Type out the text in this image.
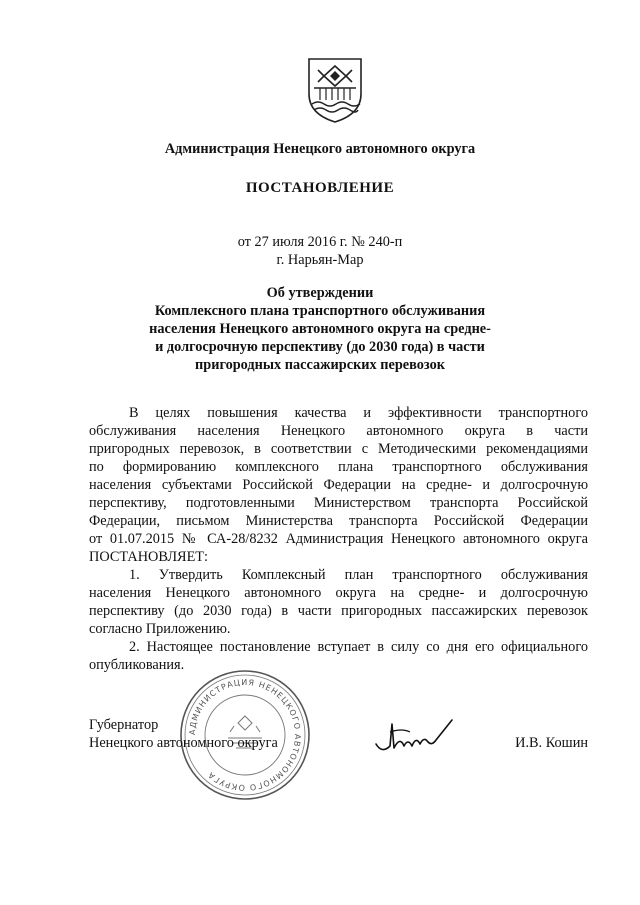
Администрация Ненецкого автономного округа
ПОСТАНОВЛЕНИЕ
от 27 июля 2016 г. № 240-п
г. Нарьян-Мар
Об утверждении
Комплексного плана транспортного обслуживания
населения Ненецкого автономного округа на средне-
и долгосрочную перспективу (до 2030 года) в части
пригородных пассажирских перевозок
В целях повышения качества и эффективности транспортного
обслуживания населения Ненецкого автономного округа в части
пригородных перевозок, в соответствии с Методическими рекомендациями
по формированию комплексного плана транспортного обслуживания
населения субъектами Российской Федерации на средне- и долгосрочную
перспективу, подготовленными Министерством транспорта Российской
Федерации, письмом Министерства транспорта Российской Федерации
от 01.07.2015 № СА-28/8232 Администрация Ненецкого автономного округа
ПОСТАНОВЛЯЕТ:
1. Утвердить Комплексный план транспортного обслуживания
населения Ненецкого автономного округа на средне- и долгосрочную
перспективу (до 2030 года) в части пригородных пассажирских перевозок
согласно Приложению.
2. Настоящее постановление вступает в силу со дня его официального
опубликования.
АДМИНИСТРАЦИЯ НЕНЕЦКОГО АВТОНОМНОГО ОКРУГА
Губернатор
Ненецкого автономного округа	И.В. Кошин
